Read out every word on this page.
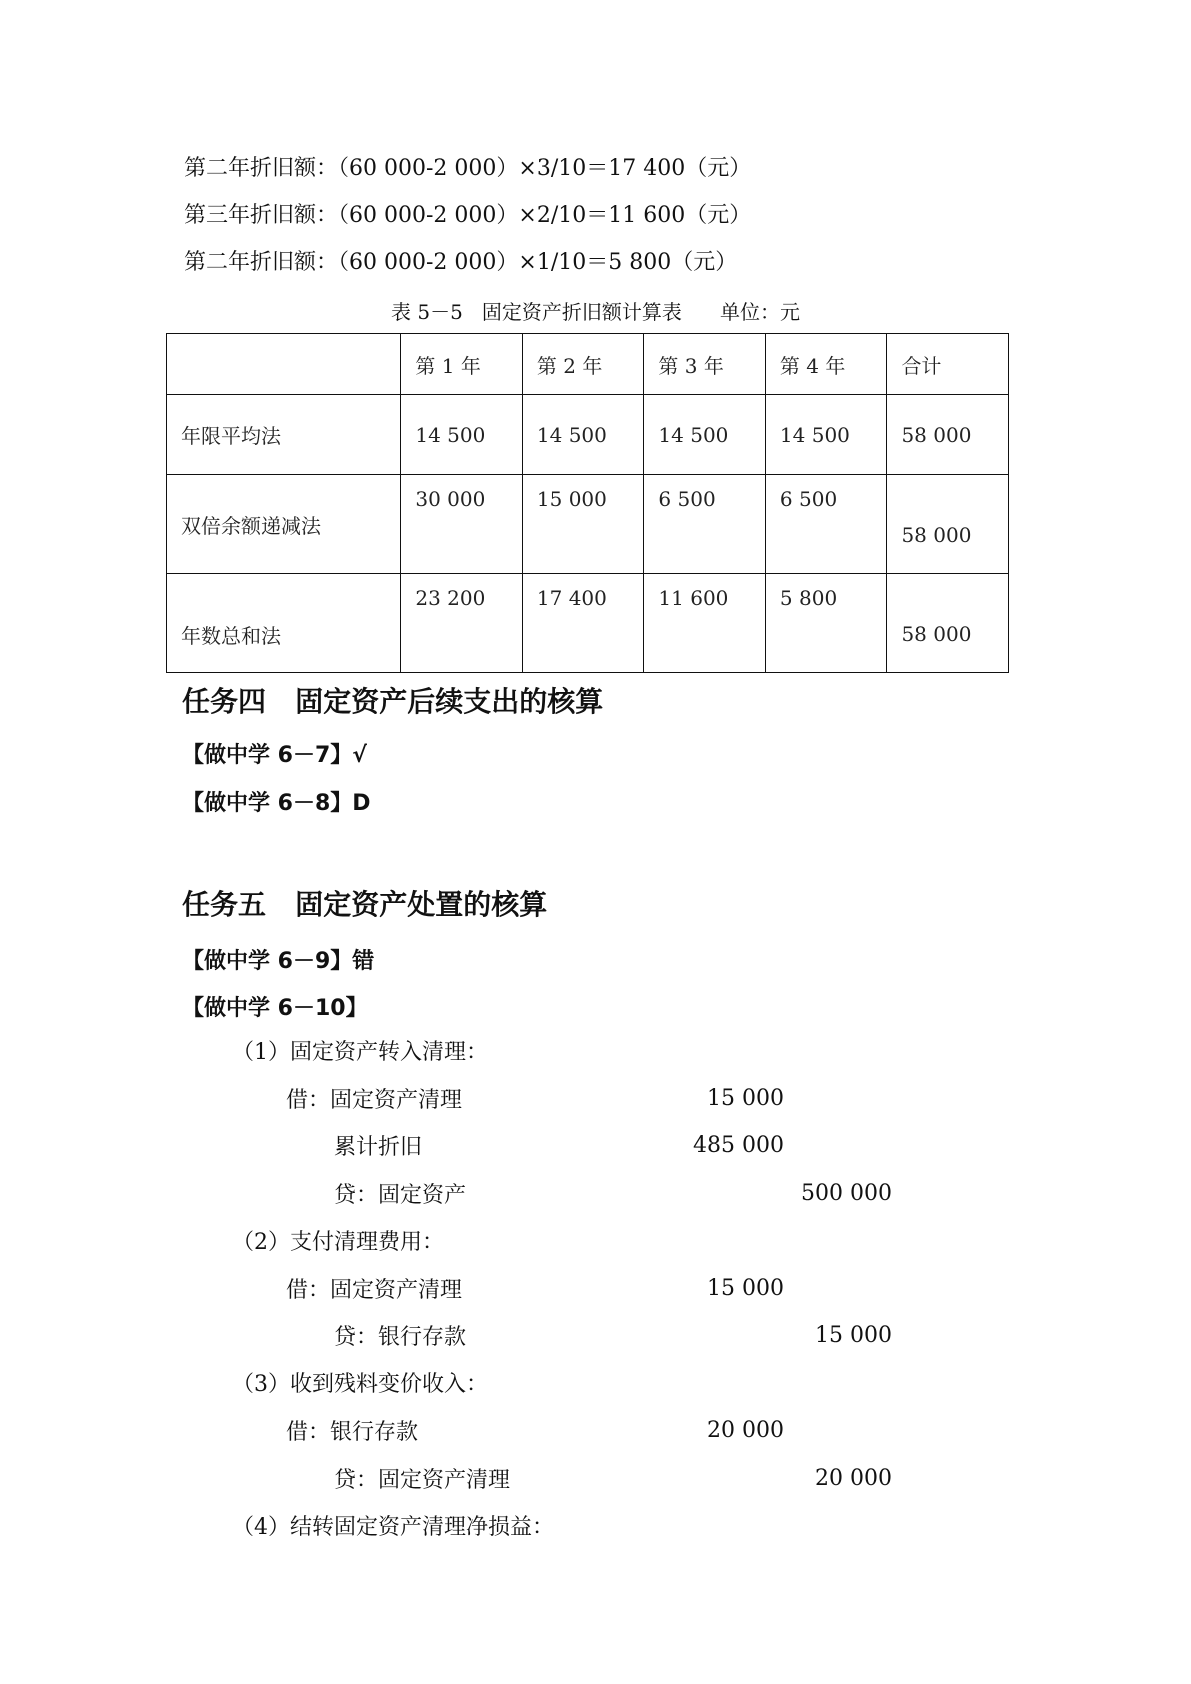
第二年折旧额：（60 000-2 000）×3/10＝17 400（元）
第三年折旧额：（60 000-2 000）×2/10＝11 600（元）
第二年折旧额：（60 000-2 000）×1/10＝5 800（元）
表 5－5   固定资产折旧额计算表      单位：元
	第 1 年	第 2 年	第 3 年	第 4 年	合计
年限平均法	14 500	14 500	14 500	14 500	58 000
双倍余额递减法	30 000	15 000	6 500	6 500	58 000
年数总和法	23 200	17 400	11 600	5 800	58 000
任务四   固定资产后续支出的核算
【做中学 6－7】√
【做中学 6－8】D
任务五   固定资产处置的核算
【做中学 6－9】错
【做中学 6－10】
（1）固定资产转入清理：
借：固定资产清理	15 000
累计折旧	485 000
贷：固定资产	500 000
（2）支付清理费用：
借：固定资产清理	15 000
贷：银行存款	15 000
（3）收到残料变价收入：
借：银行存款	20 000
贷：固定资产清理	20 000
（4）结转固定资产清理净损益：
